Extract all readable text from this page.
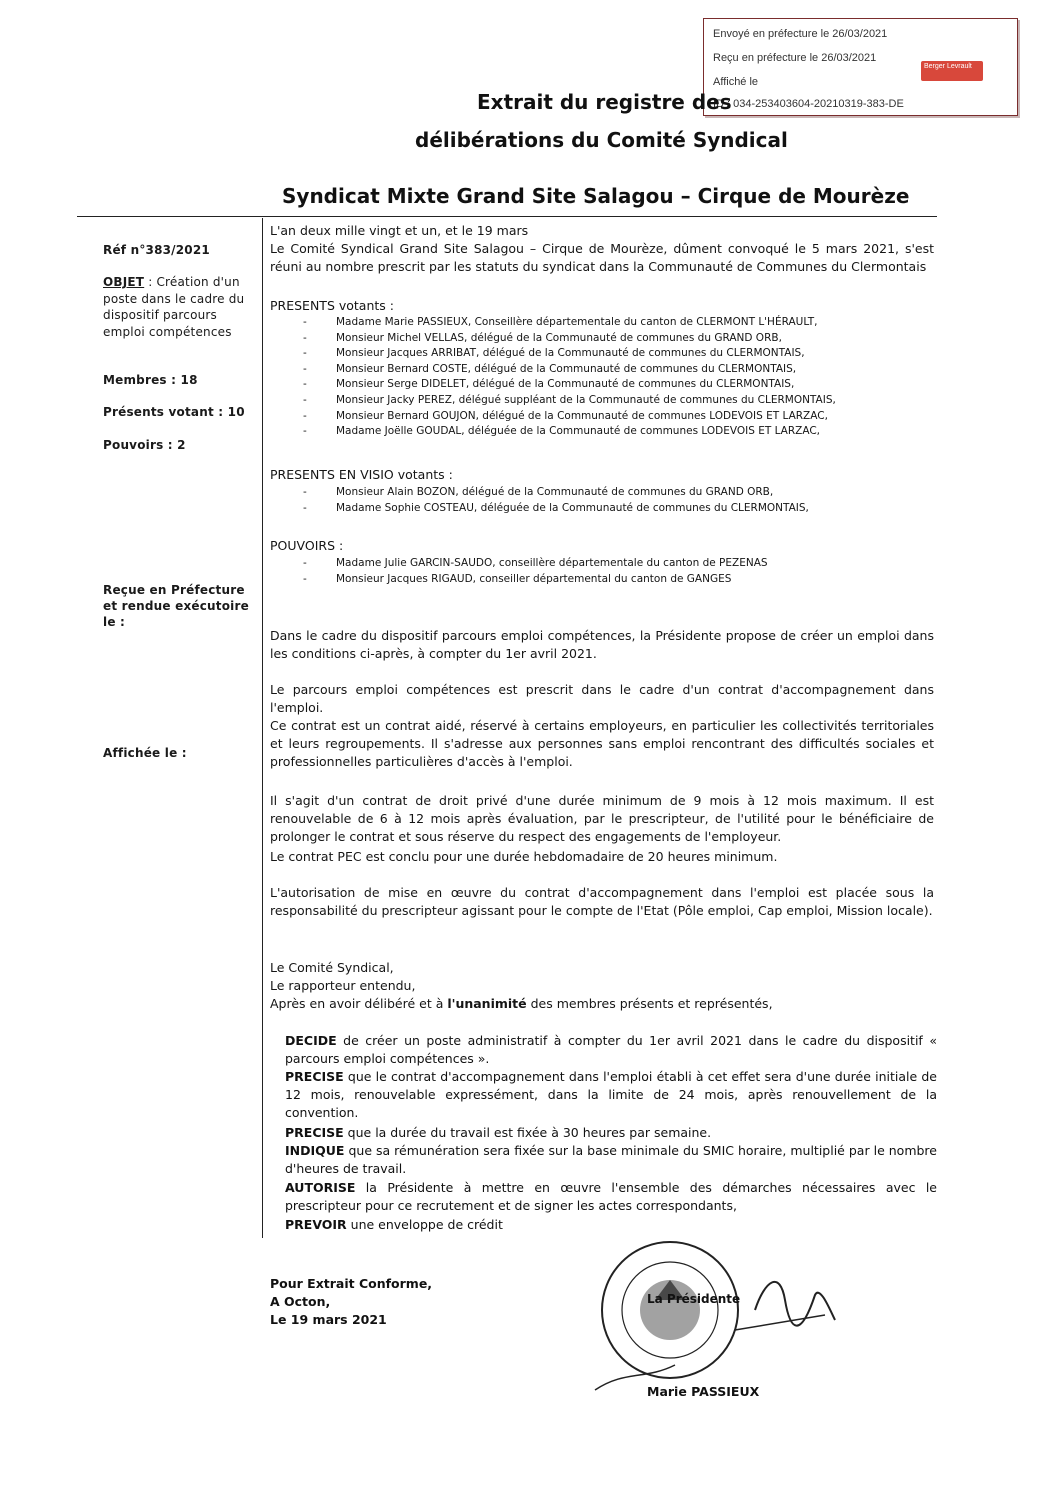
Envoyé en préfecture le 26/03/2021
Reçu en préfecture le 26/03/2021
Affiché le
ID : 034-253403604-20210319-383-DE
Berger Levrault
Extrait du registre des
délibérations du Comité Syndical
Syndicat Mixte Grand Site Salagou – Cirque de Mourèze
Réf n°383/2021
OBJET : Création d'un poste dans le cadre du dispositif parcours emploi compétences
Membres : 18
Présents votant : 10
Pouvoirs : 2
Reçue en Préfecture et rendue exécutoire le :
Affichée le :
L'an deux mille vingt et un, et le 19 mars
Le Comité Syndical Grand Site Salagou – Cirque de Mourèze, dûment convoqué le 5 mars 2021, s'est réuni au nombre prescrit par les statuts du syndicat dans la Communauté de Communes du Clermontais
PRESENTS votants :
- Madame Marie PASSIEUX, Conseillère départementale du canton de CLERMONT L'HÉRAULT,
- Monsieur Michel VELLAS, délégué de la Communauté de communes du GRAND ORB,
- Monsieur Jacques ARRIBAT, délégué de la Communauté de communes du CLERMONTAIS,
- Monsieur Bernard COSTE, délégué de la Communauté de communes du CLERMONTAIS,
- Monsieur Serge DIDELET, délégué de la Communauté de communes du CLERMONTAIS,
- Monsieur Jacky PEREZ, délégué suppléant de la Communauté de communes du CLERMONTAIS,
- Monsieur Bernard GOUJON, délégué de la Communauté de communes LODEVOIS ET LARZAC,
- Madame Joëlle GOUDAL, déléguée de la Communauté de communes LODEVOIS ET LARZAC,
PRESENTS EN VISIO votants :
- Monsieur Alain BOZON, délégué de la Communauté de communes du GRAND ORB,
- Madame Sophie COSTEAU, déléguée de la Communauté de communes du CLERMONTAIS,
POUVOIRS :
- Madame Julie GARCIN-SAUDO, conseillère départementale du canton de PEZENAS
- Monsieur Jacques RIGAUD, conseiller départemental du canton de GANGES
Dans le cadre du dispositif parcours emploi compétences, la Présidente propose de créer un emploi dans les conditions ci-après, à compter du 1er avril 2021.
Le parcours emploi compétences est prescrit dans le cadre d'un contrat d'accompagnement dans l'emploi.
Ce contrat est un contrat aidé, réservé à certains employeurs, en particulier les collectivités territoriales et leurs regroupements. Il s'adresse aux personnes sans emploi rencontrant des difficultés sociales et professionnelles particulières d'accès à l'emploi.
Il s'agit d'un contrat de droit privé d'une durée minimum de 9 mois à 12 mois maximum. Il est renouvelable de 6 à 12 mois après évaluation, par le prescripteur, de l'utilité pour le bénéficiaire de prolonger le contrat et sous réserve du respect des engagements de l'employeur.
Le contrat PEC est conclu pour une durée hebdomadaire de 20 heures minimum.
L'autorisation de mise en œuvre du contrat d'accompagnement dans l'emploi est placée sous la responsabilité du prescripteur agissant pour le compte de l'Etat (Pôle emploi, Cap emploi, Mission locale).
Le Comité Syndical,
Le rapporteur entendu,
Après en avoir délibéré et à l'unanimité des membres présents et représentés,
DECIDE de créer un poste administratif à compter du 1er avril 2021 dans le cadre du dispositif « parcours emploi compétences ».
PRECISE que le contrat d'accompagnement dans l'emploi établi à cet effet sera d'une durée initiale de 12 mois, renouvelable expressément, dans la limite de 24 mois, après renouvellement de la convention.
PRECISE que la durée du travail est fixée à 30 heures par semaine.
INDIQUE que sa rémunération sera fixée sur la base minimale du SMIC horaire, multiplié par le nombre d'heures de travail.
AUTORISE la Présidente à mettre en œuvre l'ensemble des démarches nécessaires avec le prescripteur pour ce recrutement et de signer les actes correspondants,
PREVOIR une enveloppe de crédit
Pour Extrait Conforme,
A Octon,
Le 19 mars 2021
La Présidente
Marie PASSIEUX
